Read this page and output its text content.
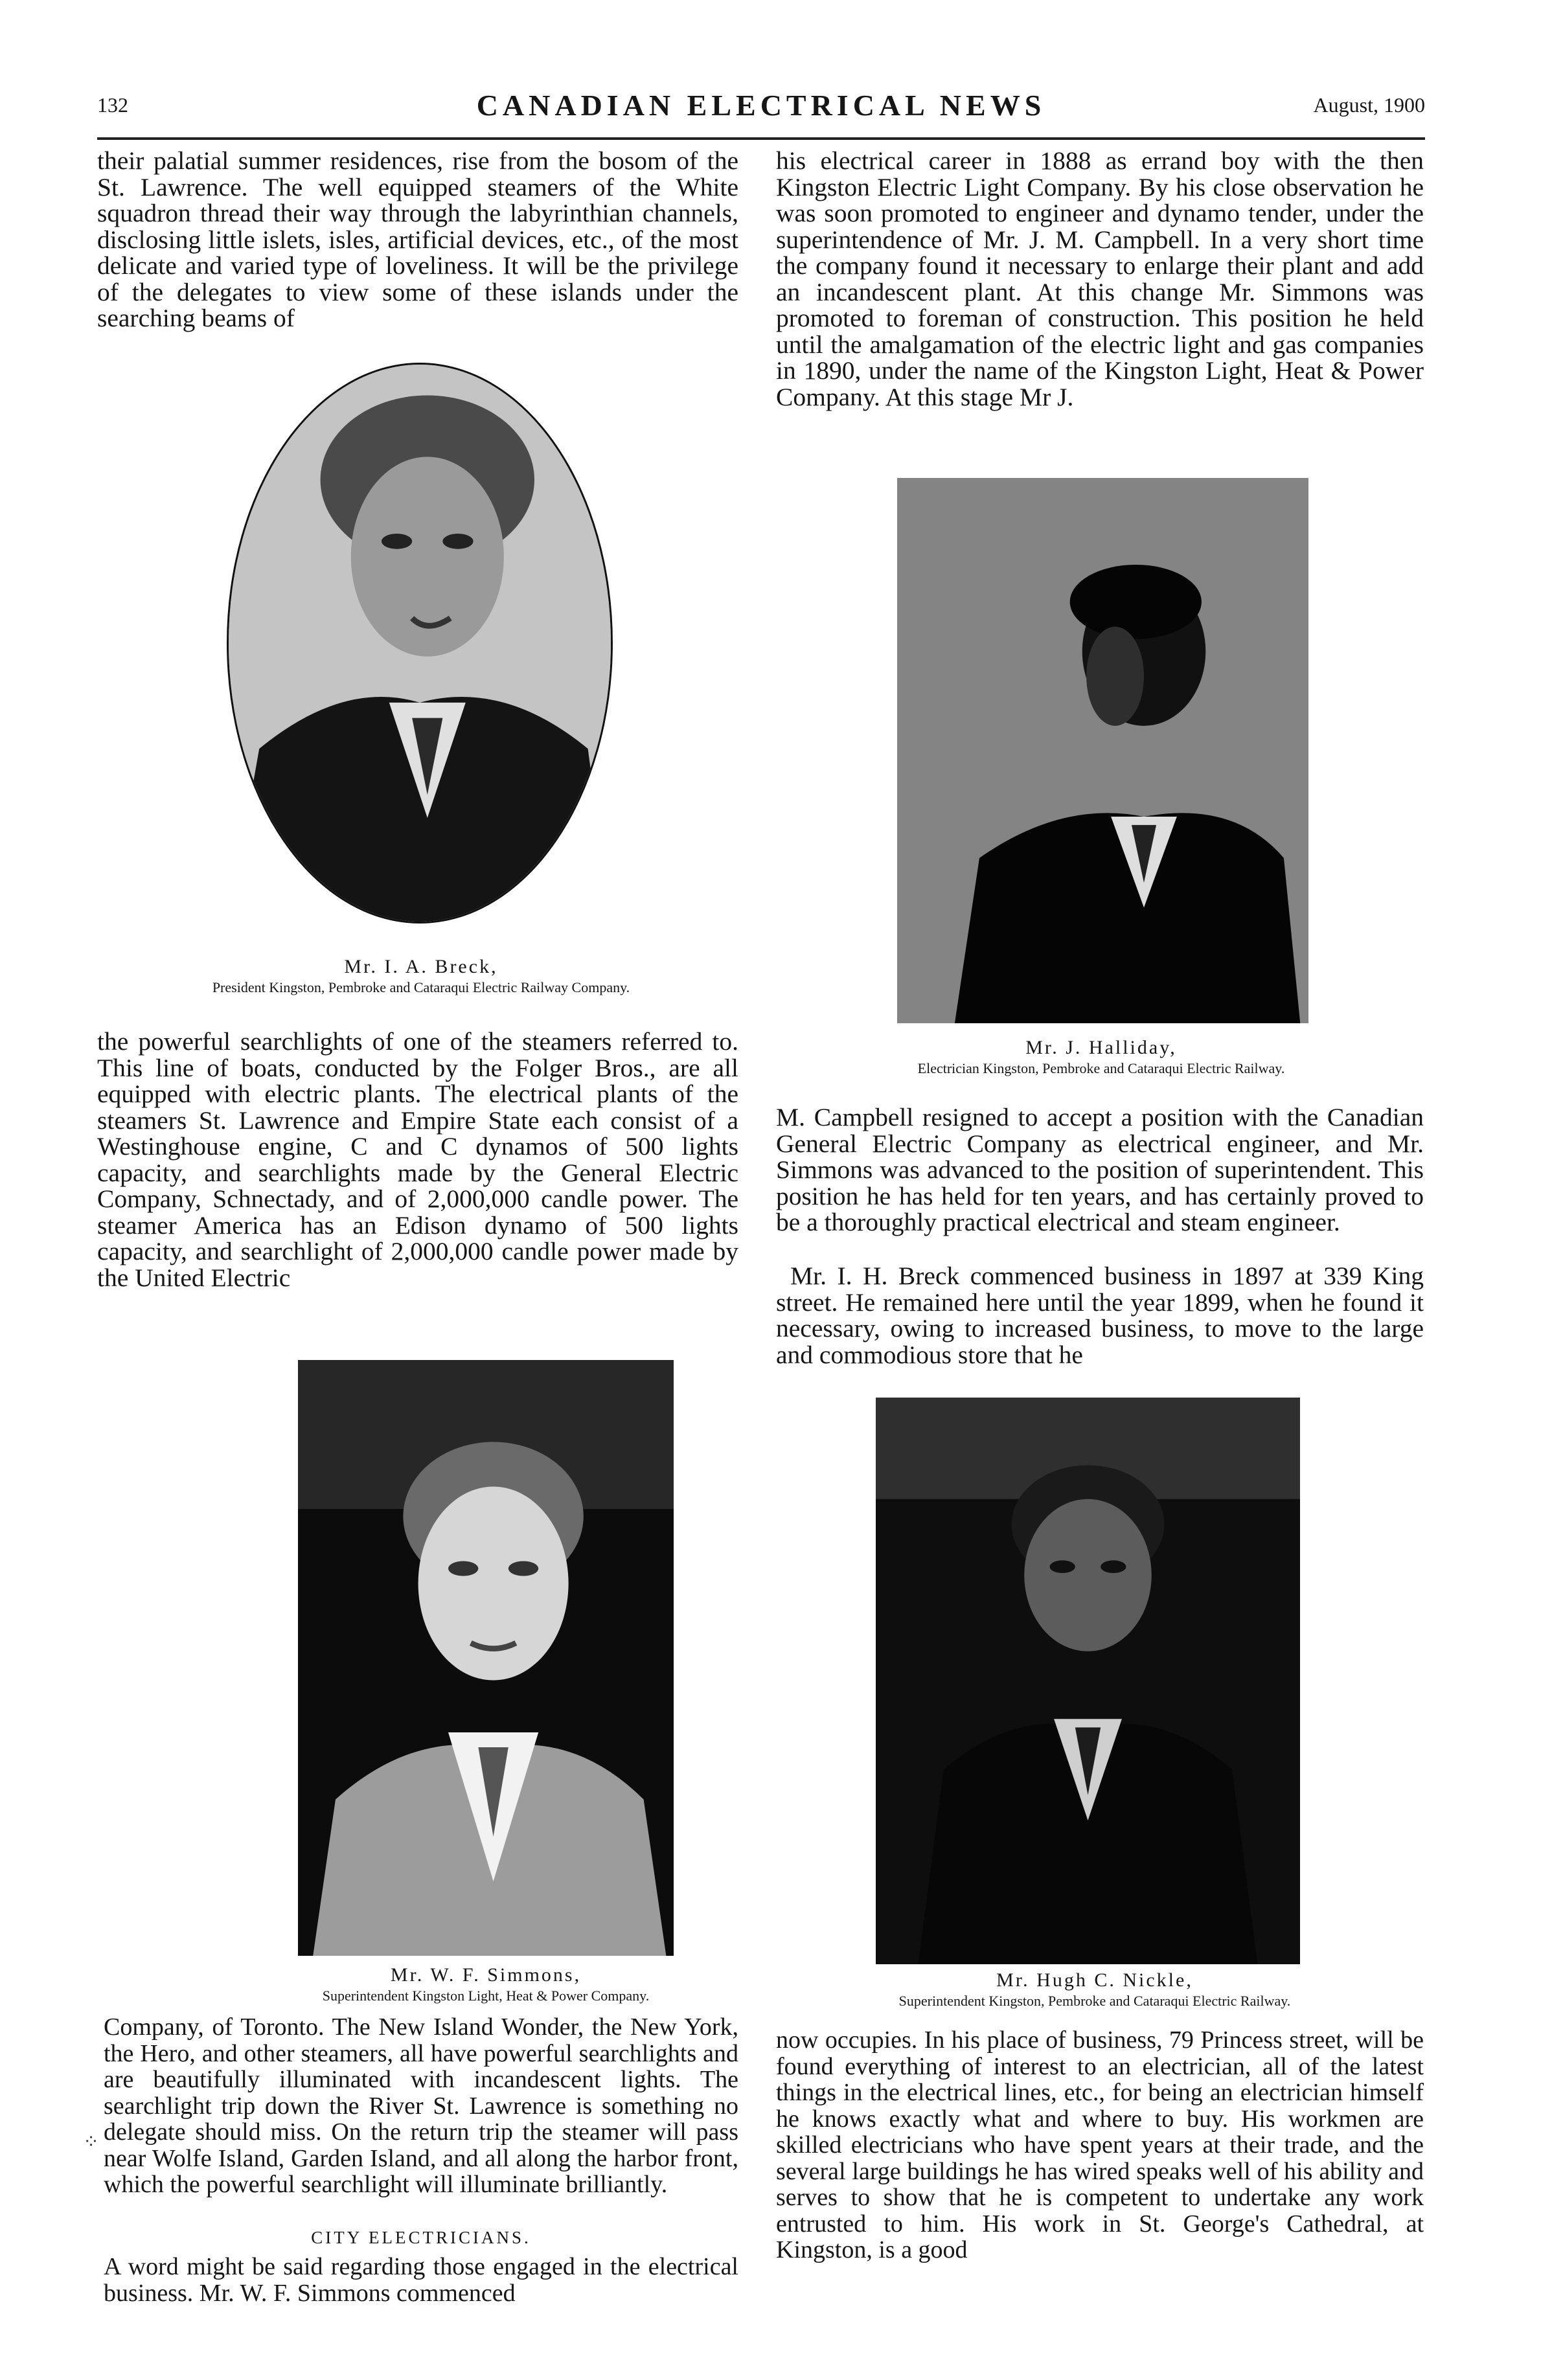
132	CANADIAN ELECTRICAL NEWS	August, 1900

their palatial summer residences, rise from the bosom of the St. Lawrence. The well equipped steamers of the White squadron thread their way through the labyrinthian channels, disclosing little islets, isles, artificial devices, etc., of the most delicate and varied type of loveliness. It will be the privilege of the delegates to view some of these islands under the searching beams of

Mr. I. A. Breck,
President Kingston, Pembroke and Cataraqui Electric Railway Company.

the powerful searchlights of one of the steamers referred to. This line of boats, conducted by the Folger Bros., are all equipped with electric plants. The electrical plants of the steamers St. Lawrence and Empire State each consist of a Westinghouse engine, C and C dynamos of 500 lights capacity, and searchlights made by the General Electric Company, Schnectady, and of 2,000,000 candle power. The steamer America has an Edison dynamo of 500 lights capacity, and searchlight of 2,000,000 candle power made by the United Electric

Mr. W. F. Simmons,
Superintendent Kingston Light, Heat & Power Company.

Company, of Toronto. The New Island Wonder, the New York, the Hero, and other steamers, all have powerful searchlights and are beautifully illuminated with incandescent lights. The searchlight trip down the River St. Lawrence is something no delegate should miss. On the return trip the steamer will pass near Wolfe Island, Garden Island, and all along the harbor front, which the powerful searchlight will illuminate brilliantly.

CITY ELECTRICIANS.

A word might be said regarding those engaged in the electrical business. Mr. W. F. Simmons commenced

⁘

his electrical career in 1888 as errand boy with the then Kingston Electric Light Company. By his close observation he was soon promoted to engineer and dynamo tender, under the superintendence of Mr. J. M. Campbell. In a very short time the company found it necessary to enlarge their plant and add an incandescent plant. At this change Mr. Simmons was promoted to foreman of construction. This position he held until the amalgamation of the electric light and gas companies in 1890, under the name of the Kingston Light, Heat & Power Company. At this stage Mr J.

Mr. J. Halliday,
Electrician Kingston, Pembroke and Cataraqui Electric Railway.

M. Campbell resigned to accept a position with the Canadian General Electric Company as electrical engineer, and Mr. Simmons was advanced to the position of superintendent. This position he has held for ten years, and has certainly proved to be a thoroughly practical electrical and steam engineer.

Mr. I. H. Breck commenced business in 1897 at 339 King street. He remained here until the year 1899, when he found it necessary, owing to increased business, to move to the large and commodious store that he

Mr. Hugh C. Nickle,
Superintendent Kingston, Pembroke and Cataraqui Electric Railway.

now occupies. In his place of business, 79 Princess street, will be found everything of interest to an electrician, all of the latest things in the electrical lines, etc., for being an electrician himself he knows exactly what and where to buy. His workmen are skilled electricians who have spent years at their trade, and the several large buildings he has wired speaks well of his ability and serves to show that he is competent to undertake any work entrusted to him. His work in St. George's Cathedral, at Kingston, is a good
